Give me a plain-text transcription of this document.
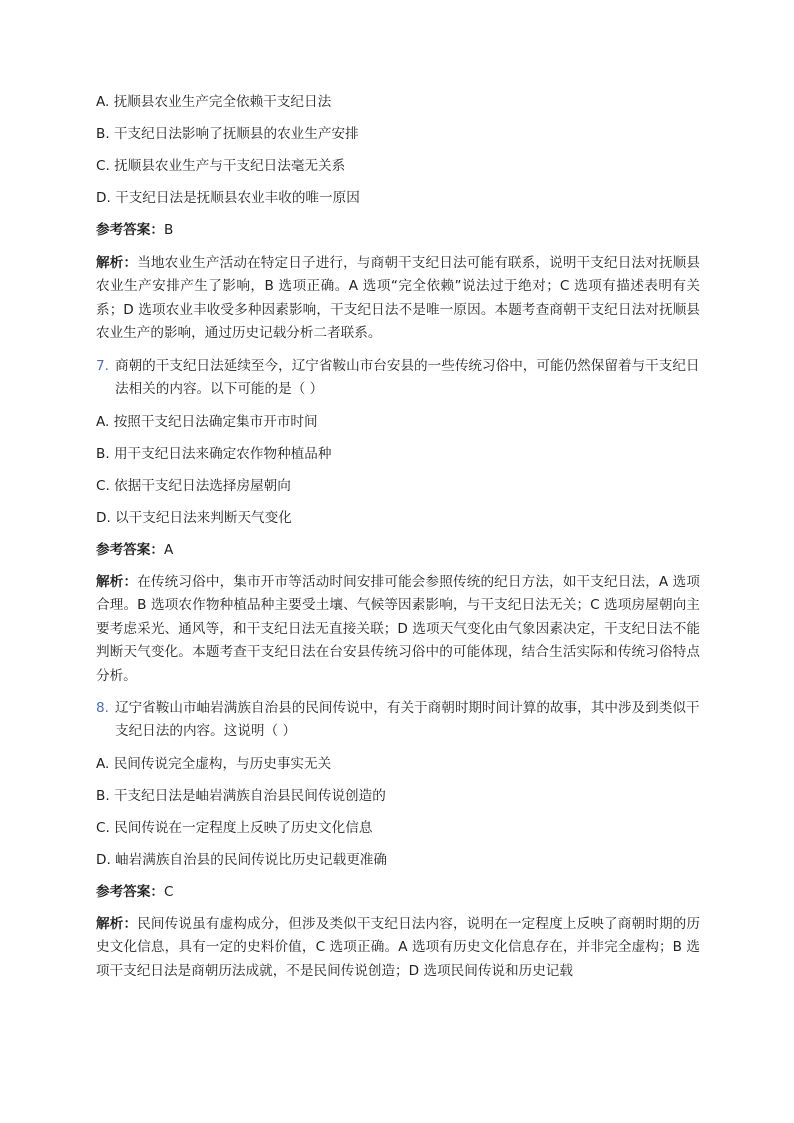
A. 抚顺县农业生产完全依赖干支纪日法
B. 干支纪日法影响了抚顺县的农业生产安排
C. 抚顺县农业生产与干支纪日法毫无关系
D. 干支纪日法是抚顺县农业丰收的唯一原因
参考答案：B
解析：当地农业生产活动在特定日子进行，与商朝干支纪日法可能有联系，说明干支纪日法对抚顺县农业生产安排产生了影响，B 选项正确。A 选项“完全依赖”说法过于绝对；C 选项有描述表明有关系；D 选项农业丰收受多种因素影响，干支纪日法不是唯一原因。本题考查商朝干支纪日法对抚顺县农业生产的影响，通过历史记载分析二者联系。
7. 商朝的干支纪日法延续至今，辽宁省鞍山市台安县的一些传统习俗中，可能仍然保留着与干支纪日法相关的内容。以下可能的是（ ）
A. 按照干支纪日法确定集市开市时间
B. 用干支纪日法来确定农作物种植品种
C. 依据干支纪日法选择房屋朝向
D. 以干支纪日法来判断天气变化
参考答案：A
解析：在传统习俗中，集市开市等活动时间安排可能会参照传统的纪日方法，如干支纪日法，A 选项合理。B 选项农作物种植品种主要受土壤、气候等因素影响，与干支纪日法无关；C 选项房屋朝向主要考虑采光、通风等，和干支纪日法无直接关联；D 选项天气变化由气象因素决定，干支纪日法不能判断天气变化。本题考查干支纪日法在台安县传统习俗中的可能体现，结合生活实际和传统习俗特点分析。
8. 辽宁省鞍山市岫岩满族自治县的民间传说中，有关于商朝时期时间计算的故事，其中涉及到类似干支纪日法的内容。这说明（ ）
A. 民间传说完全虚构，与历史事实无关
B. 干支纪日法是岫岩满族自治县民间传说创造的
C. 民间传说在一定程度上反映了历史文化信息
D. 岫岩满族自治县的民间传说比历史记载更准确
参考答案：C
解析：民间传说虽有虚构成分，但涉及类似干支纪日法内容，说明在一定程度上反映了商朝时期的历史文化信息，具有一定的史料价值，C 选项正确。A 选项有历史文化信息存在，并非完全虚构；B 选项干支纪日法是商朝历法成就，不是民间传说创造；D 选项民间传说和历史记载
